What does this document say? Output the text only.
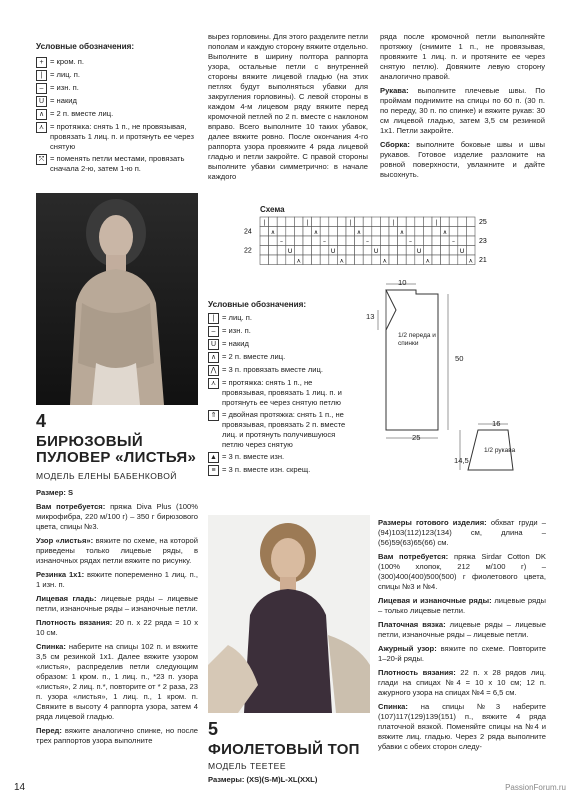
Условные обозначения:
+ = кром. п.
| = лиц. п.
– = изн. п.
U = накид
∧ = 2 п. вместе лиц.
⋏ = протяжка: снять 1 п., не провязывая, провязать 1 лиц. п. и протянуть ее через снятую
⤧ = поменять петли местами, провязать сначала 2-ю, затем 1-ю п.

вырез горловины. Для этого разделите петли пополам и каждую сторону вяжите отдельно. Выполните в ширину полтора раппорта узора, остальные петли с внутренней стороны вяжите лицевой гладью (на этих петлях будут выполняться убавки для закругления горловины). С левой стороны в каждом 4-м лицевом ряду вяжите перед кромочной петлей по 2 п. вместе с наклоном вправо. Всего выполните 10 таких убавок, далее вяжите ровно. После окончания 4-го раппорта узора провяжите 4 ряда лицевой гладью и петли закройте. С правой стороны выполните убавки симметрично: в начале каждого

ряда после кромочной петли выполняйте протяжку (снимите 1 п., не провязывая, провяжите 1 лиц. п. и протяните ее через снятую петлю). Довяжите левую сторону аналогично правой.

Рукава: выполните плечевые швы. По проймам поднимите на спицы по 60 п. (30 п. по переду, 30 п. по спинке) и вяжите рукав: 30 см лицевой гладью, затем 3,5 см резинкой 1х1. Петли закройте.

Сборка: выполните боковые швы и швы рукавов. Готовое изделие разложите на ровной поверхности, увлажните и дайте высохнуть.

Схема
|	|	|	|	|
∧	∧	∧	∧	∧
–	–	–	–	–
U	U	U	U	U
⋏	⋏	⋏	⋏	⋏
24
22
25
23
21
Условные обозначения:
| = лиц. п.
– = изн. п.
U = накид
∧ = 2 п. вместе лиц.
⋀ = 3 п. провязать вместе лиц.
⋏ = протяжка: снять 1 п., не провязывая, провязать 1 лиц. п. и протянуть ее через снятую петлю
⇑ = двойная протяжка: снять 1 п., не провязывая, провязать 2 п. вместе лиц. и протянуть получившуюся петлю через снятую
▲ = 3 п. вместе изн.
≡ = 3 п. вместе изн. скрещ.
10
13
50
25
1/2 переда и спинки
16
14,5
1/2 рукава
4
БИРЮЗОВЫЙ ПУЛОВЕР «ЛИСТЬЯ»
МОДЕЛЬ ЕЛЕНЫ БАБЕНКОВОЙ

Размер: S

Вам потребуется: пряжа Diva Plus (100% микрофибра, 220 м/100 г) – 350 г бирюзового цвета, спицы №3.

Узор «листья»: вяжите по схеме, на которой приведены только лицевые ряды, в изнаночных рядах петли вяжите по рисунку.

Резинка 1х1: вяжите попеременно 1 лиц. п., 1 изн. п.

Лицевая гладь: лицевые ряды – лицевые петли, изнаночные ряды – изнаночные петли.

Плотность вязания: 20 п. х 22 ряда = 10 х 10 см.

Спинка: наберите на спицы 102 п. и вяжите 3,5 см резинкой 1х1. Далее вяжите узором «листья», распределив петли следующим образом: 1 кром. п., 1 лиц. п., *23 п. узора «листья», 2 лиц. п.*, повторите от * 2 раза, 23 п. узора «листья», 1 лиц. п., 1 кром. п. Свяжите в высоту 4 раппорта узора, затем 4 ряда лицевой гладью.

Перед: вяжите аналогично спинке, но после трех раппортов узора выполните

5
ФИОЛЕТОВЫЙ ТОП
МОДЕЛЬ TEETEE
Размеры: (XS)(S-M)L-XL(XXL)

Размеры готового изделия: обхват груди – (94)103(112)123(134) см, длина – (56)59(63)65(66) см.

Вам потребуется: пряжа Sirdar Cotton DK (100% хлопок, 212 м/100 г) – (300)400(400)500(500) г фиолетового цвета, спицы №3 и №4.

Лицевая и изнаночные ряды: лицевые ряды – только лицевые петли.

Платочная вязка: лицевые ряды – лицевые петли, изнаночные ряды – лицевые петли.

Ажурный узор: вяжите по схеме. Повторите 1–20-й ряды.

Плотность вязания: 22 п. х 28 рядов лиц. глади на спицах №4 = 10 х 10 см; 12 п. ажурного узора на спицах №4 = 6,5 см.

Спинка: на спицы №3 наберите (107)117(129)139(151) п., вяжите 4 ряда платочной вязкой. Поменяйте спицы на №4 и вяжите лиц. гладью. Через 2 ряда выполните убавки с обеих сторон следу-

14	PassionForum.ru
